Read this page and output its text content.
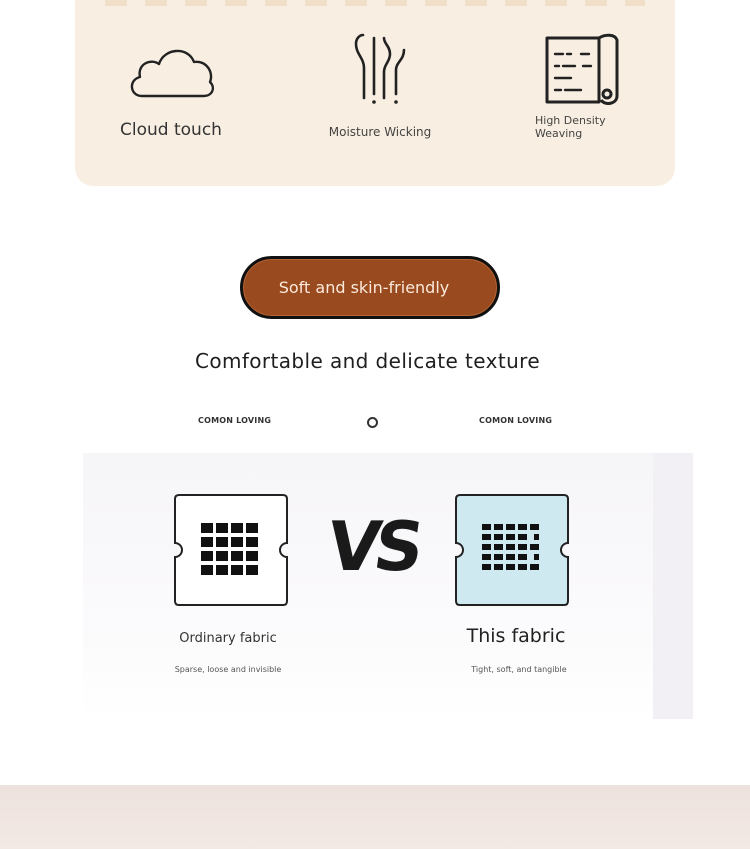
Cloud touch	Moisture Wicking
High Density Weaving
Soft and skin-friendly
Comfortable and delicate texture
COMON LOVING	COMON LOVING
VS
Ordinary fabric	This fabric
Sparse, loose and invisible	Tight, soft, and tangible
